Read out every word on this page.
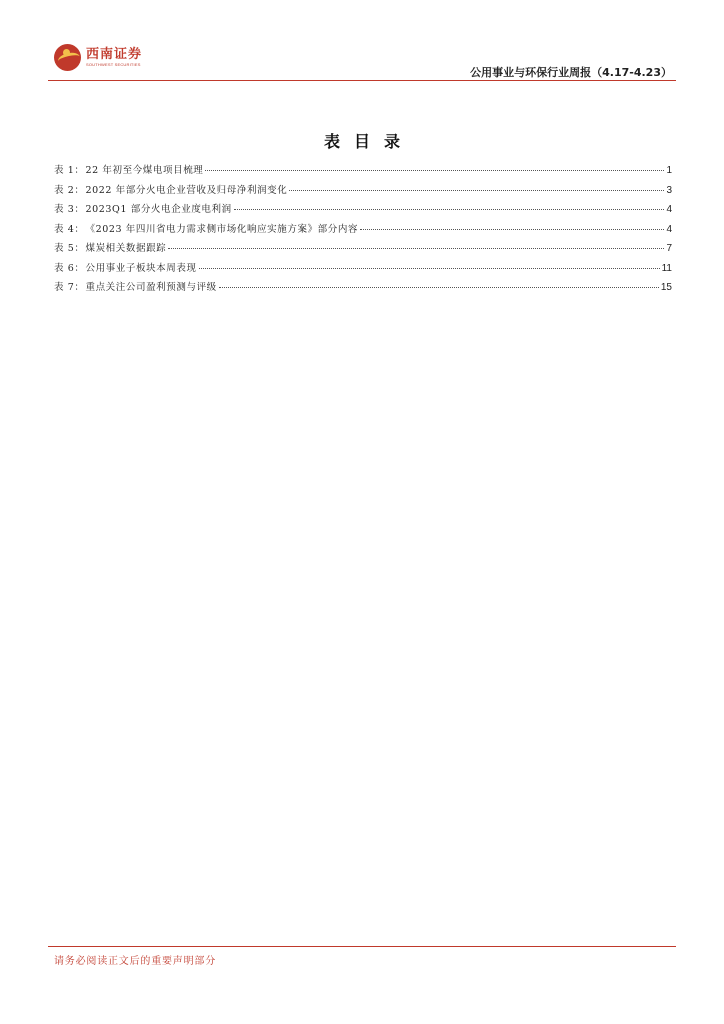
西南证券
SOUTHWEST SECURITIES
公用事业与环保行业周报（4.17-4.23）
表目录
表 1 ： 22 年初至今煤电项目梳理	1
表 2 ： 2022 年部分火电企业营收及归母净利润变化	3
表 3 ： 2023Q1 部分火电企业度电利润	4
表 4 ： 《2023 年四川省电力需求侧市场化响应实施方案》部分内容	4
表 5 ： 煤炭相关数据跟踪	7
表 6 ： 公用事业子板块本周表现	11
表 7 ： 重点关注公司盈利预测与评级	15
请务必阅读正文后的重要声明部分
